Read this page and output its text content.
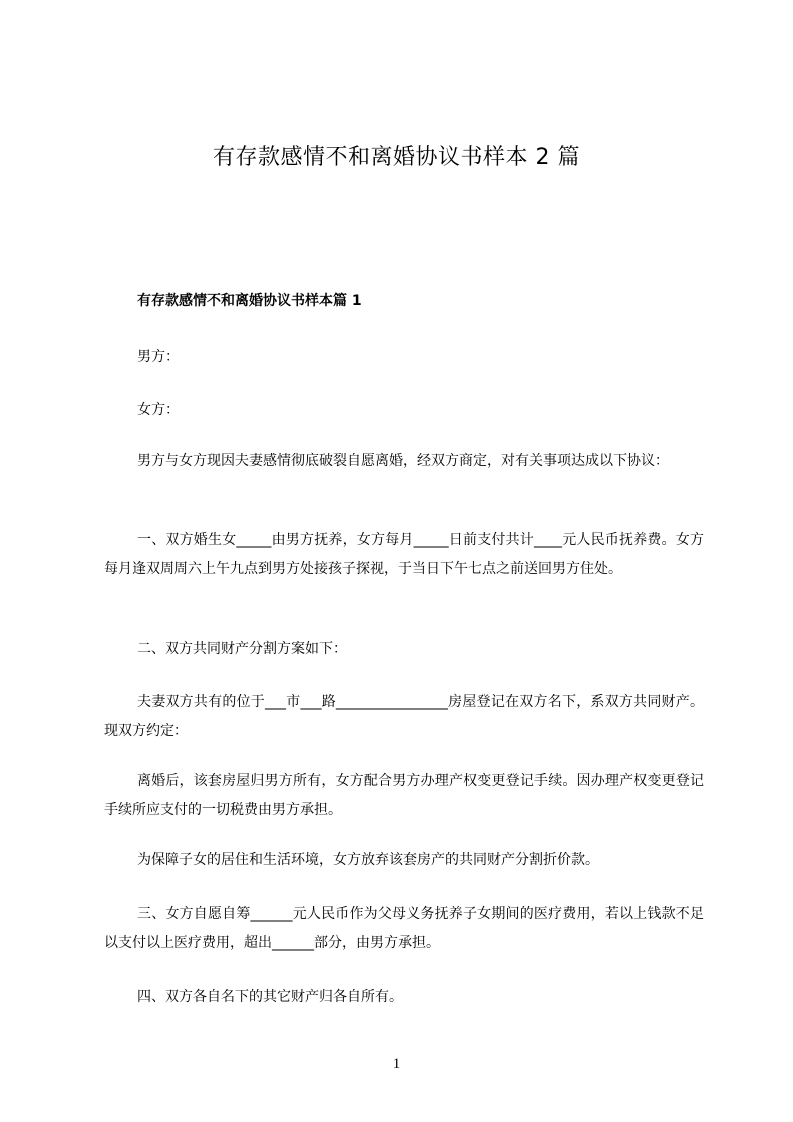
有存款感情不和离婚协议书样本 2 篇
有存款感情不和离婚协议书样本篇 1

男方：

女方：

男方与女方现因夫妻感情彻底破裂自愿离婚，经双方商定，对有关事项达成以下协议：

一、双方婚生女_____由男方抚养，女方每月_____日前支付共计____元人民币抚养费。女方每月逢双周周六上午九点到男方处接孩子探视，于当日下午七点之前送回男方住处。

二、双方共同财产分割方案如下：

夫妻双方共有的位于___市___路________________房屋登记在双方名下，系双方共同财产。现双方约定：

离婚后，该套房屋归男方所有，女方配合男方办理产权变更登记手续。因办理产权变更登记手续所应支付的一切税费由男方承担。

为保障子女的居住和生活环境，女方放弃该套房产的共同财产分割折价款。

三、女方自愿自筹______元人民币作为父母义务抚养子女期间的医疗费用，若以上钱款不足以支付以上医疗费用，超出______部分，由男方承担。

四、双方各自名下的其它财产归各自所有。

1
